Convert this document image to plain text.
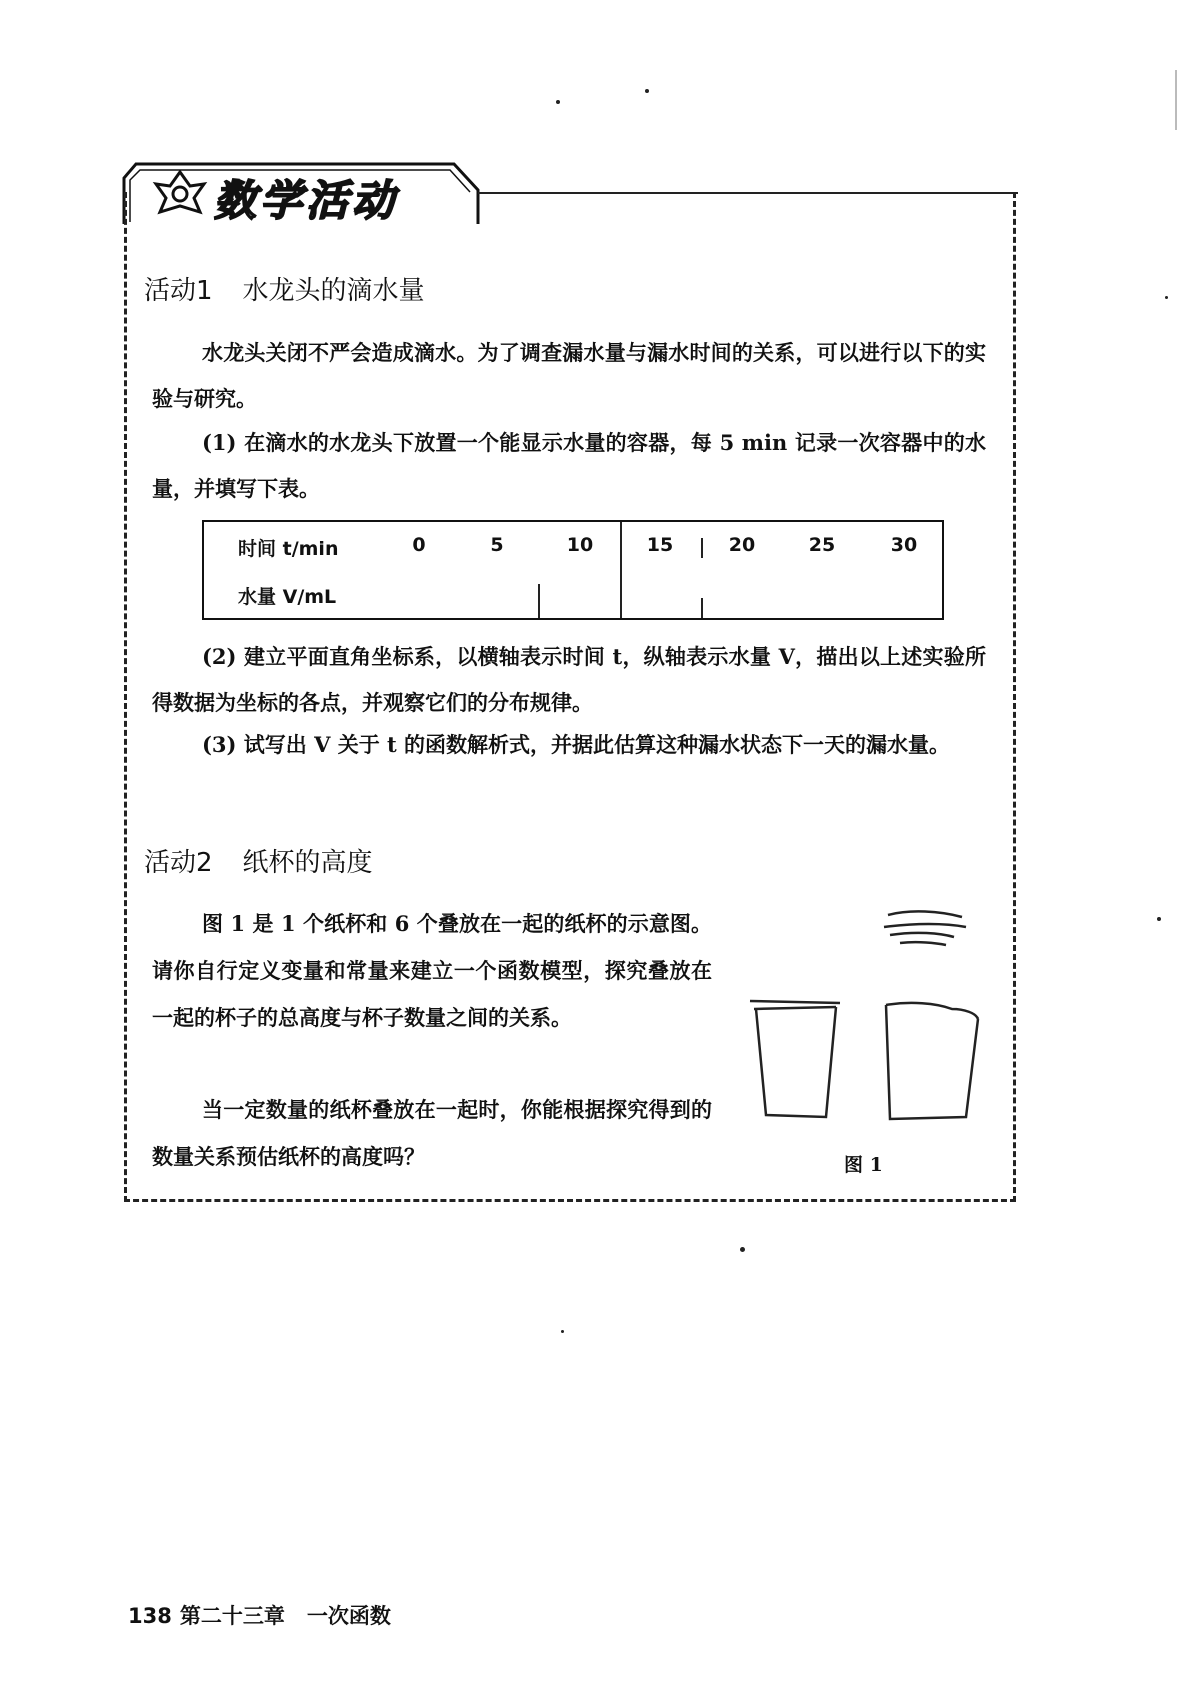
数学活动
活动1 水龙头的滴水量
水龙头关闭不严会造成滴水。为了调查漏水量与漏水时间的关系，可以进行以下的实验与研究。
(1) 在滴水的水龙头下放置一个能显示水量的容器，每 5 min 记录一次容器中的水量，并填写下表。
时间 t/min	0	5	10	15	20	25	30
水量 V/mL
(2) 建立平面直角坐标系，以横轴表示时间 t，纵轴表示水量 V，描出以上述实验所得数据为坐标的各点，并观察它们的分布规律。
(3) 试写出 V 关于 t 的函数解析式，并据此估算这种漏水状态下一天的漏水量。
活动2 纸杯的高度
图 1 是 1 个纸杯和 6 个叠放在一起的纸杯的示意图。请你自行定义变量和常量来建立一个函数模型，探究叠放在一起的杯子的总高度与杯子数量之间的关系。
当一定数量的纸杯叠放在一起时，你能根据探究得到的数量关系预估纸杯的高度吗？	图 1
138 第二十三章 一次函数
